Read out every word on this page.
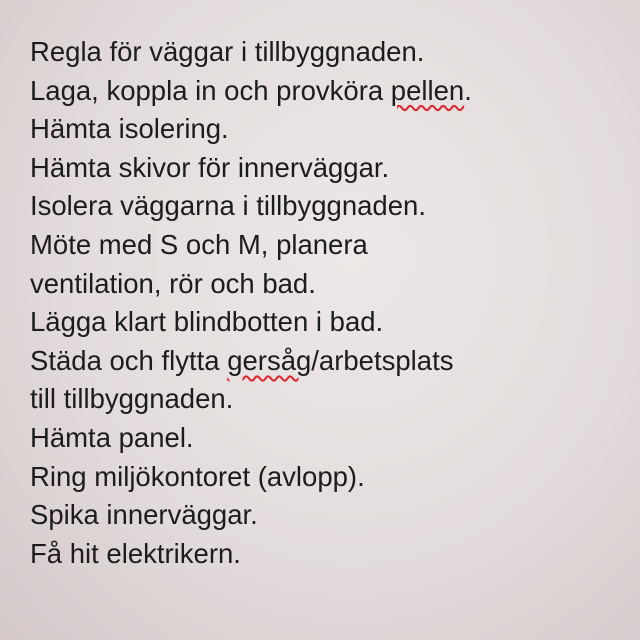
Regla för väggar i tillbyggnaden.
Laga, koppla in och provköra pellen.
Hämta isolering.
Hämta skivor för innerväggar.
Isolera väggarna i tillbyggnaden.
Möte med S och M, planera
ventilation, rör och bad.
Lägga klart blindbotten i bad.
Städa och flytta gersåg/arbetsplats
till tillbyggnaden.
Hämta panel.
Ring miljökontoret (avlopp).
Spika innerväggar.
Få hit elektrikern.
